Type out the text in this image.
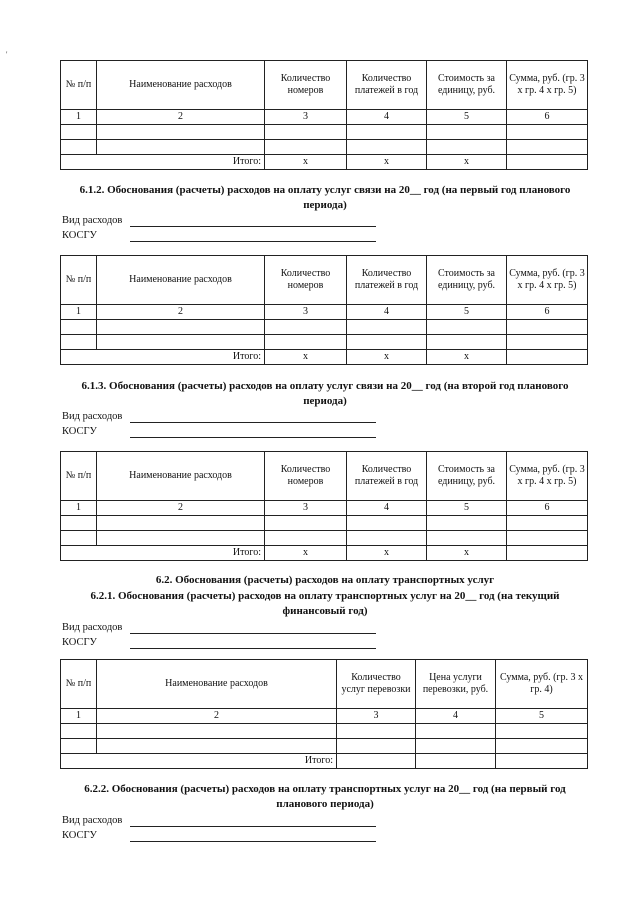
'
№ п/п	Наименование расходов	Количество номеров	Количество платежей в год	Стоимость за единицу, руб.	Сумма, руб. (гр. 3 х гр. 4 х гр. 5)
1	2	3	4	5	6

Итого:		х	х	х	
6.1.2. Обоснования (расчеты) расходов на оплату услуг связи на 20__ год (на первый год планового периода)
Вид расходов
КОСГУ
№ п/п	Наименование расходов	Количество номеров	Количество платежей в год	Стоимость за единицу, руб.	Сумма, руб. (гр. 3 х гр. 4 х гр. 5)
1	2	3	4	5	6

Итого:		х	х	х	
6.1.3. Обоснования (расчеты) расходов на оплату услуг связи на 20__ год (на второй год планового периода)
Вид расходов
КОСГУ
№ п/п	Наименование расходов	Количество номеров	Количество платежей в год	Стоимость за единицу, руб.	Сумма, руб. (гр. 3 х гр. 4 х гр. 5)
1	2	3	4	5	6

Итого:		х	х	х	
6.2. Обоснования (расчеты) расходов на оплату транспортных услуг
6.2.1. Обоснования (расчеты) расходов на оплату транспортных услуг на 20__ год (на текущий финансовый год)
Вид расходов
КОСГУ
№ п/п	Наименование расходов	Количество услуг перевозки	Цена услуги перевозки, руб.	Сумма, руб. (гр. 3 х гр. 4)
1	2	3	4	5

Итого:				
6.2.2. Обоснования (расчеты) расходов на оплату транспортных услуг на 20__ год (на первый год планового периода)
Вид расходов
КОСГУ
